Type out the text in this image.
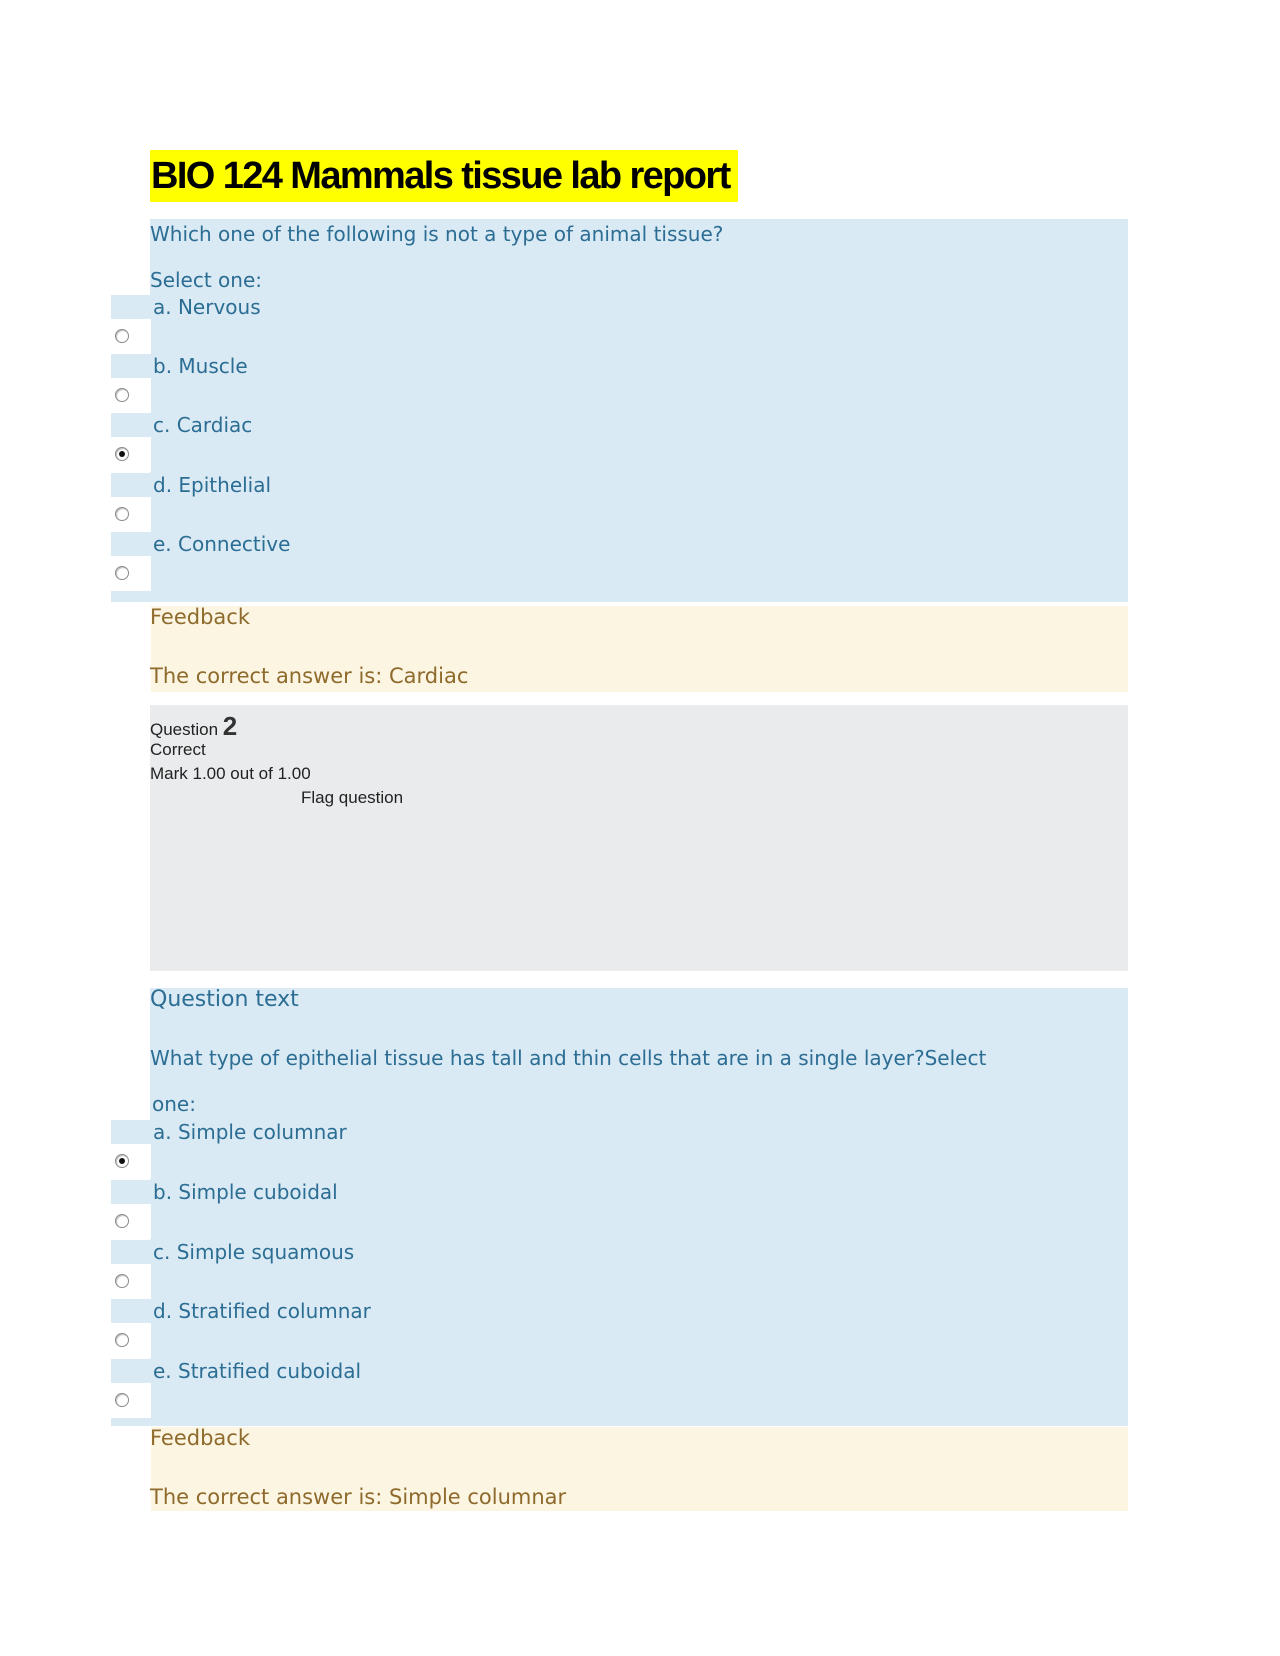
BIO 124 Mammals tissue lab report
Which one of the following is not a type of animal tissue?
Select one:
a. Nervous
b. Muscle
c. Cardiac
d. Epithelial
e. Connective
Feedback
The correct answer is: Cardiac
Question 2
Correct
Mark 1.00 out of 1.00
Flag question
Question text
What type of epithelial tissue has tall and thin cells that are in a single layer?Select
one:
a. Simple columnar
b. Simple cuboidal
c. Simple squamous
d. Stratified columnar
e. Stratified cuboidal
Feedback
The correct answer is: Simple columnar
